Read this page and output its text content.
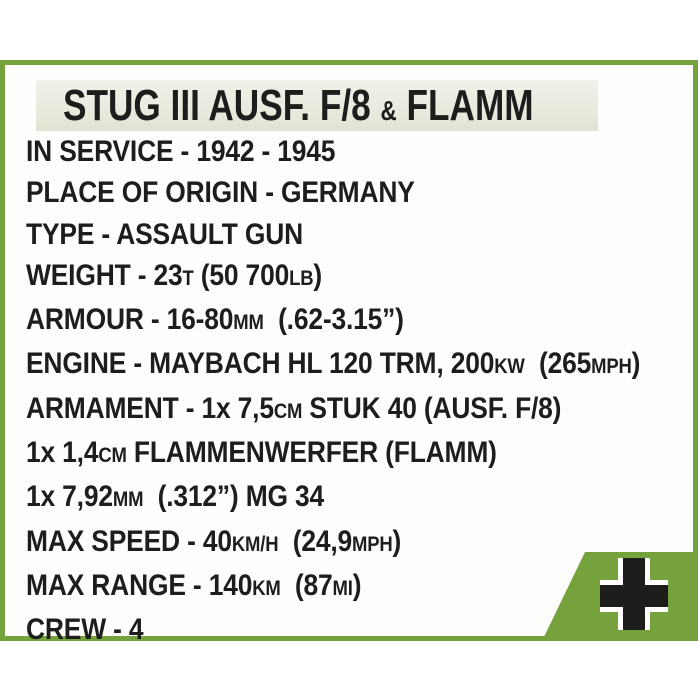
STUG III AUSF. F/8 & FLAMM
IN SERVICE - 1942 - 1945
PLACE OF ORIGIN - GERMANY
TYPE - ASSAULT GUN
WEIGHT - 23T (50 700LB)
ARMOUR - 16-80MM  (.62-3.15”)
ENGINE - MAYBACH HL 120 TRM, 200KW  (265MPH)
ARMAMENT - 1x 7,5CM STUK 40 (AUSF. F/8)
1x 1,4CM FLAMMENWERFER (FLAMM)
1x 7,92MM  (.312”) MG 34
MAX SPEED - 40KM/H  (24,9MPH)
MAX RANGE - 140KM  (87MI)
CREW - 4
